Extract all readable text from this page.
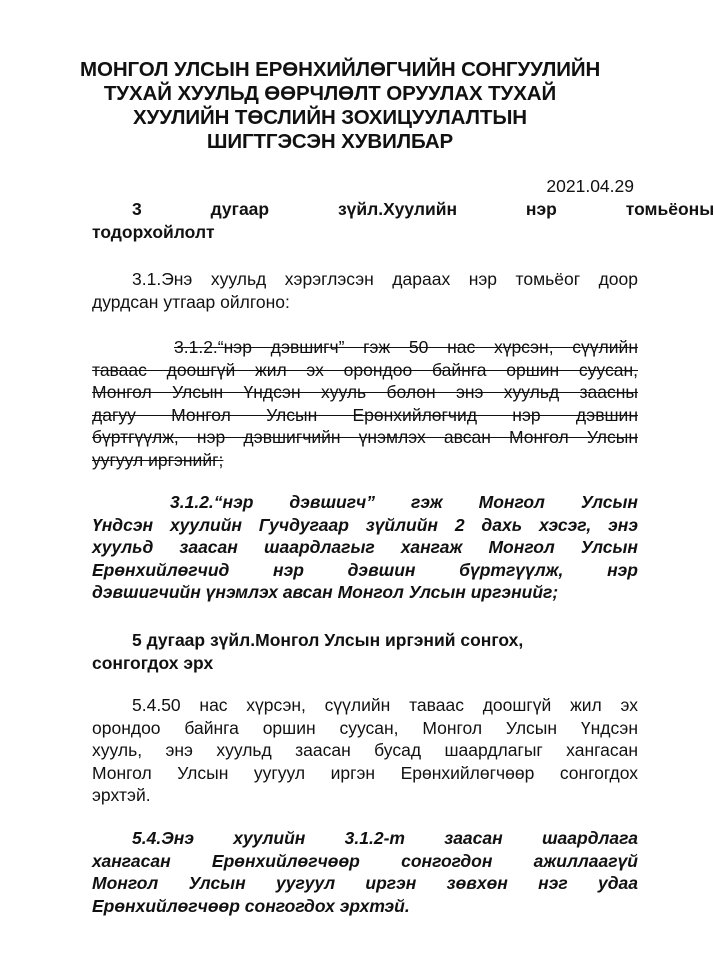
МОНГОЛ УЛСЫН ЕРӨНХИЙЛӨГЧИЙН СОНГУУЛИЙН
ТУХАЙ ХУУЛЬД ӨӨРЧЛӨЛТ ОРУУЛАХ ТУХАЙ
ХУУЛИЙН ТӨСЛИЙН ЗОХИЦУУЛАЛТЫН
ШИГТГЭСЭН ХУВИЛБАР
2021.04.29
3	дугаар	зүйл.Хуулийн	нэр	томьёоны
тодорхойлолт
3.1.Энэ хуульд хэрэглэсэн дараах нэр томьёог доор
дурдсан утгаар ойлгоно:
3.1.2.“нэр дэвшигч” гэж 50 нас хүрсэн, сүүлийн
таваас доошгүй жил эх орондоо байнга оршин суусан,
Монгол Улсын Үндсэн хууль болон энэ хуульд заасны
дагуу Монгол Улсын Ерөнхийлөгчид нэр дэвшин
бүртгүүлж, нэр дэвшигчийн үнэмлэх авсан Монгол Улсын
уугуул иргэнийг;
3.1.2.“нэр дэвшигч” гэж Монгол Улсын
Үндсэн хуулийн Гучдугаар зүйлийн 2 дахь хэсэг, энэ
хуульд заасан шаардлагыг хангаж Монгол Улсын
Ерөнхийлөгчид нэр дэвшин бүртгүүлж, нэр
дэвшигчийн үнэмлэх авсан Монгол Улсын иргэнийг;
5 дугаар зүйл.Монгол Улсын иргэний сонгох,
сонгогдох эрх
5.4.50 нас хүрсэн, сүүлийн таваас доошгүй жил эх
орондоо байнга оршин суусан, Монгол Улсын Үндсэн
хууль, энэ хуульд заасан бусад шаардлагыг хангасан
Монгол Улсын уугуул иргэн Ерөнхийлөгчөөр сонгогдох
эрхтэй.
5.4.Энэ хуулийн 3.1.2-т заасан шаардлага
хангасан Ерөнхийлөгчөөр сонгогдон ажиллаагүй
Монгол Улсын уугуул иргэн зөвхөн нэг удаа
Ерөнхийлөгчөөр сонгогдох эрхтэй.
